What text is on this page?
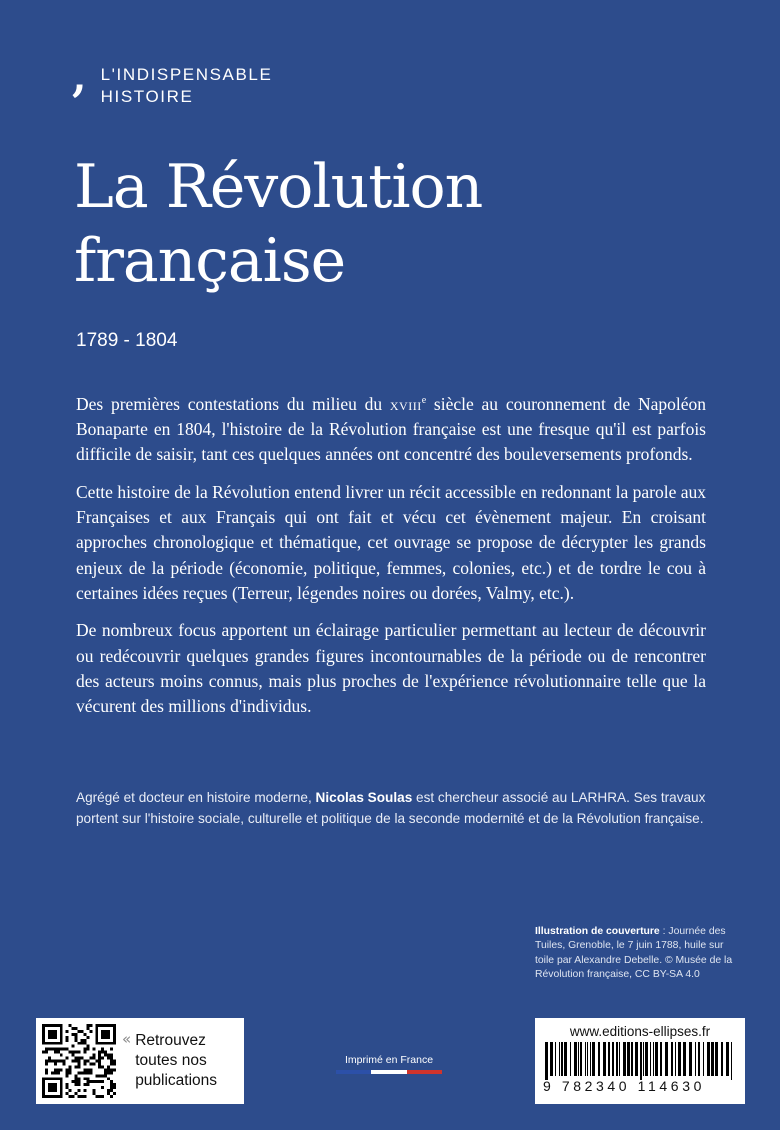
, L'INDISPENSABLE
HISTOIRE
La Révolution
française
1789 - 1804

Des premières contestations du milieu du xviii$^e$ siècle au couronnement de Napoléon Bonaparte en 1804, l'histoire de la Révolution française est une fresque qu'il est parfois difficile de saisir, tant ces quelques années ont concentré des bouleversements profonds.

Cette histoire de la Révolution entend livrer un récit accessible en redonnant la parole aux Françaises et aux Français qui ont fait et vécu cet évènement majeur. En croisant approches chronologique et thématique, cet ouvrage se propose de décrypter les grands enjeux de la période (économie, politique, femmes, colonies, etc.) et de tordre le cou à certaines idées reçues (Terreur, légendes noires ou dorées, Valmy, etc.).

De nombreux focus apportent un éclairage particulier permettant au lecteur de découvrir ou redécouvrir quelques grandes figures incontournables de la période ou de rencontrer des acteurs moins connus, mais plus proches de l'expérience révolutionnaire telle que la vécurent des millions d'individus.

Agrégé et docteur en histoire moderne, Nicolas Soulas est chercheur associé au LARHRA. Ses travaux portent sur l'histoire sociale, culturelle et politique de la seconde modernité et de la Révolution française.
Illustration de couverture : Journée des Tuiles, Grenoble, le 7 juin 1788, huile sur toile par Alexandre Debelle. © Musée de la Révolution française, CC BY-SA 4.0
« Retrouvez
toutes nos
publications
Imprimé en France
www.editions-ellipses.fr
9 782340 114630
